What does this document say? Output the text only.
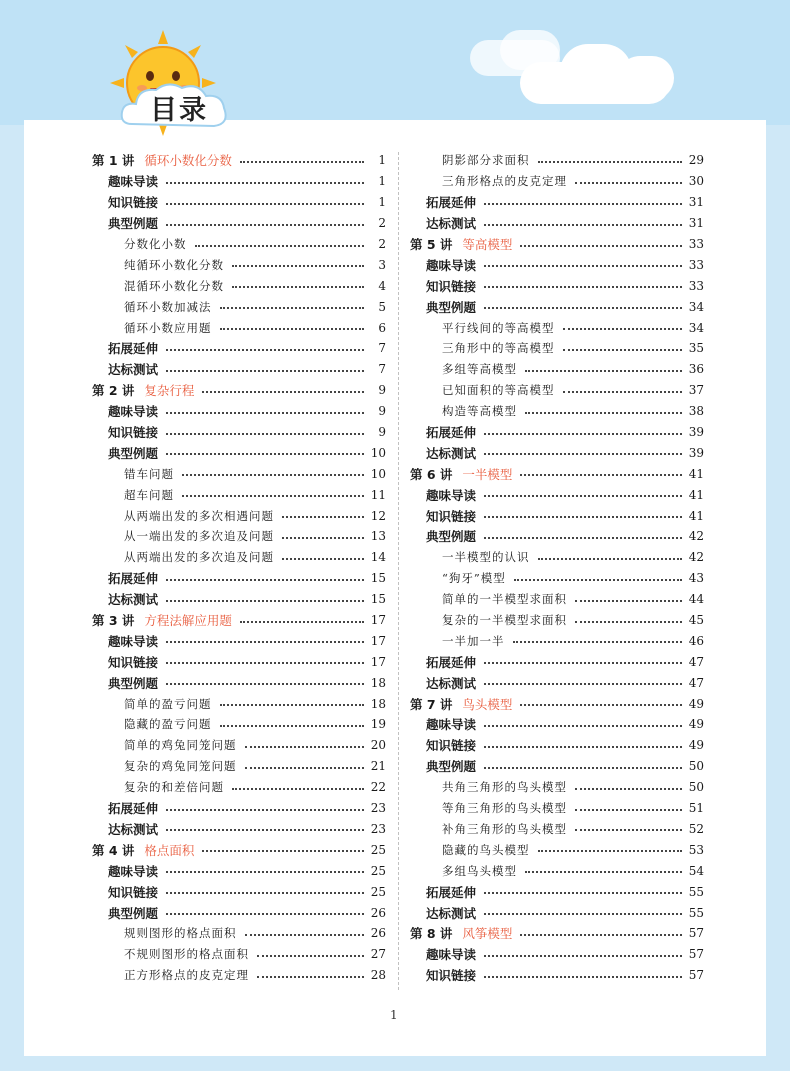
目录
第 1 讲 循环小数化分数	1
趣味导读	1
知识链接	1
典型例题	2
分数化小数	2
纯循环小数化分数	3
混循环小数化分数	4
循环小数加减法	5
循环小数应用题	6
拓展延伸	7
达标测试	7
第 2 讲 复杂行程	9
趣味导读	9
知识链接	9
典型例题	10
错车问题	10
超车问题	11
从两端出发的多次相遇问题	12
从一端出发的多次追及问题	13
从两端出发的多次追及问题	14
拓展延伸	15
达标测试	15
第 3 讲 方程法解应用题	17
趣味导读	17
知识链接	17
典型例题	18
简单的盈亏问题	18
隐藏的盈亏问题	19
简单的鸡兔同笼问题	20
复杂的鸡兔同笼问题	21
复杂的和差倍问题	22
拓展延伸	23
达标测试	23
第 4 讲 格点面积	25
趣味导读	25
知识链接	25
典型例题	26
规则图形的格点面积	26
不规则图形的格点面积	27
正方形格点的皮克定理	28
阴影部分求面积	29
三角形格点的皮克定理	30
拓展延伸	31
达标测试	31
第 5 讲 等高模型	33
趣味导读	33
知识链接	33
典型例题	34
平行线间的等高模型	34
三角形中的等高模型	35
多组等高模型	36
已知面积的等高模型	37
构造等高模型	38
拓展延伸	39
达标测试	39
第 6 讲 一半模型	41
趣味导读	41
知识链接	41
典型例题	42
一半模型的认识	42
“狗牙”模型	43
简单的一半模型求面积	44
复杂的一半模型求面积	45
一半加一半	46
拓展延伸	47
达标测试	47
第 7 讲 鸟头模型	49
趣味导读	49
知识链接	49
典型例题	50
共角三角形的鸟头模型	50
等角三角形的鸟头模型	51
补角三角形的鸟头模型	52
隐藏的鸟头模型	53
多组鸟头模型	54
拓展延伸	55
达标测试	55
第 8 讲 风筝模型	57
趣味导读	57
知识链接	57
1
